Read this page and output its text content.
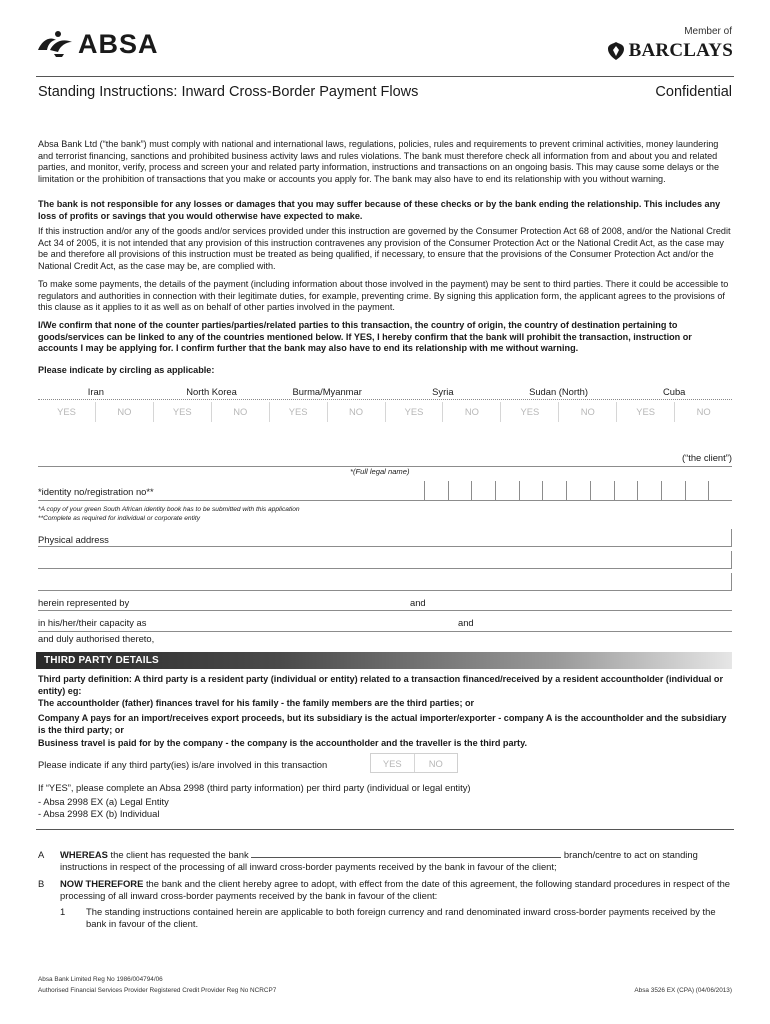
ABSA	Member of
BARCLAYS
Standing Instructions: Inward Cross-Border Payment Flows	Confidential
Absa Bank Ltd (“the bank”) must comply with national and international laws, regulations, policies, rules and requirements to prevent criminal activities, money laundering and terrorist financing, sanctions and prohibited business activity laws and rules violations. The bank must therefore check all information from and about you and related parties, and monitor, verify, process and screen your and related party information, instructions and transactions on an ongoing basis. This may cause some delays or the limitation or the prohibition of transactions that you make or accounts you apply for. The bank may also have to end its relationship with you without warning.
The bank is not responsible for any losses or damages that you may suffer because of these checks or by the bank ending the relationship. This includes any loss of profits or savings that you would otherwise have expected to make.
If this instruction and/or any of the goods and/or services provided under this instruction are governed by the Consumer Protection Act 68 of 2008, and/or the National Credit Act 34 of 2005, it is not intended that any provision of this instruction contravenes any provision of the Consumer Protection Act or the National Credit Act, as the case may be and therefore all provisions of this instruction must be treated as being qualified, if necessary, to ensure that the provisions of the Consumer Protection Act and/or the National Credit Act, as the case may be, are complied with.
To make some payments, the details of the payment (including information about those involved in the payment) may be sent to third parties. There it could be accessible to regulators and authorities in connection with their legitimate duties, for example, preventing crime. By signing this application form, the applicant agrees to the provisions of this clause as it applies to it as well as on behalf of other parties involved in the payment.
I/We confirm that none of the counter parties/parties/related parties to this transaction, the country of origin, the country of destination pertaining to goods/services can be linked to any of the countries mentioned below. If YES, I hereby confirm that the bank will prohibit the transaction, instruction or accounts I may be applying for. I confirm further that the bank may also have to end its relationship with me without warning.
Please indicate by circling as applicable:
Iran	North Korea	Burma/Myanmar	Syria	Sudan (North)	Cuba
YES	NO	YES	NO	YES	NO	YES	NO	YES	NO	YES	NO
(“the client”)
*(Full legal name)
*identity no/registration no**
*A copy of your green South African identity book has to be submitted with this application
**Complete as required for individual or corporate entity
Physical address
herein represented by	and
in his/her/their capacity as	and
and duly authorised thereto,
THIRD PARTY DETAILS
Third party definition: A third party is a resident party (individual or entity) related to a transaction financed/received by a resident accountholder (individual or entity) eg:
The accountholder (father) finances travel for his family - the family members are the third parties; or
Company A pays for an import/receives export proceeds, but its subsidiary is the actual importer/exporter - company A is the accountholder and the subsidiary is the third party; or
Business travel is paid for by the company - the company is the accountholder and the traveller is the third party.
Please indicate if any third party(ies) is/are involved in this transaction	YES	NO
If “YES”, please complete an Absa 2998 (third party information) per third party (individual or legal entity)
- Absa 2998 EX (a) Legal Entity
- Absa 2998 EX (b) Individual
A WHEREAS the client has requested the bank	branch/centre to act on standing instructions in respect of the processing of all inward cross-border payments received by the bank in favour of the client;
B NOW THEREFORE the bank and the client hereby agree to adopt, with effect from the date of this agreement, the following standard procedures in respect of the processing of all inward cross-border payments received by the bank in favour of the client:
1 The standing instructions contained herein are applicable to both foreign currency and rand denominated inward cross-border payments received by the bank in favour of the client.
Absa Bank Limited Reg No 1986/004794/06
Authorised Financial Services Provider Registered Credit Provider Reg No NCRCP7	Absa 3526 EX (CPA) (04/06/2013)
